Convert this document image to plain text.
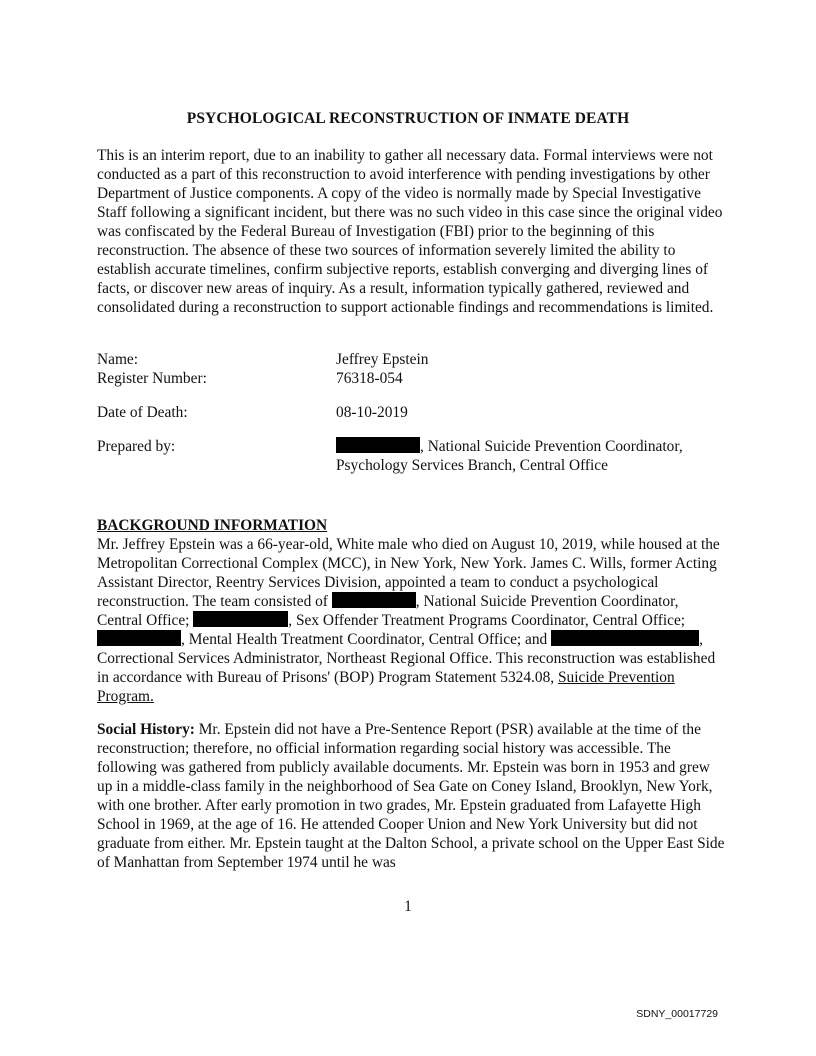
PSYCHOLOGICAL RECONSTRUCTION OF INMATE DEATH

This is an interim report, due to an inability to gather all necessary data. Formal interviews were not conducted as a part of this reconstruction to avoid interference with pending investigations by other Department of Justice components. A copy of the video is normally made by Special Investigative Staff following a significant incident, but there was no such video in this case since the original video was confiscated by the Federal Bureau of Investigation (FBI) prior to the beginning of this reconstruction. The absence of these two sources of information severely limited the ability to establish accurate timelines, confirm subjective reports, establish converging and diverging lines of facts, or discover new areas of inquiry. As a result, information typically gathered, reviewed and consolidated during a reconstruction to support actionable findings and recommendations is limited.

Name:	Jeffrey Epstein
Register Number:	76318-054
Date of Death:	08-10-2019
Prepared by:	, National Suicide Prevention Coordinator,
Psychology Services Branch, Central Office

BACKGROUND INFORMATION
Mr. Jeffrey Epstein was a 66-year-old, White male who died on August 10, 2019, while housed at the Metropolitan Correctional Complex (MCC), in New York, New York. James C. Wills, former Acting Assistant Director, Reentry Services Division, appointed a team to conduct a psychological reconstruction. The team consisted of	, National Suicide Prevention Coordinator, Central Office;	, Sex Offender Treatment Programs Coordinator, Central Office; , Mental Health Treatment Coordinator, Central Office; and	, Correctional Services Administrator, Northeast Regional Office. This reconstruction was established in accordance with Bureau of Prisons' (BOP) Program Statement 5324.08, Suicide Prevention Program.

Social History: Mr. Epstein did not have a Pre-Sentence Report (PSR) available at the time of the reconstruction; therefore, no official information regarding social history was accessible. The following was gathered from publicly available documents. Mr. Epstein was born in 1953 and grew up in a middle-class family in the neighborhood of Sea Gate on Coney Island, Brooklyn, New York, with one brother. After early promotion in two grades, Mr. Epstein graduated from Lafayette High School in 1969, at the age of 16. He attended Cooper Union and New York University but did not graduate from either. Mr. Epstein taught at the Dalton School, a private school on the Upper East Side of Manhattan from September 1974 until he was

1
SDNY_00017729
